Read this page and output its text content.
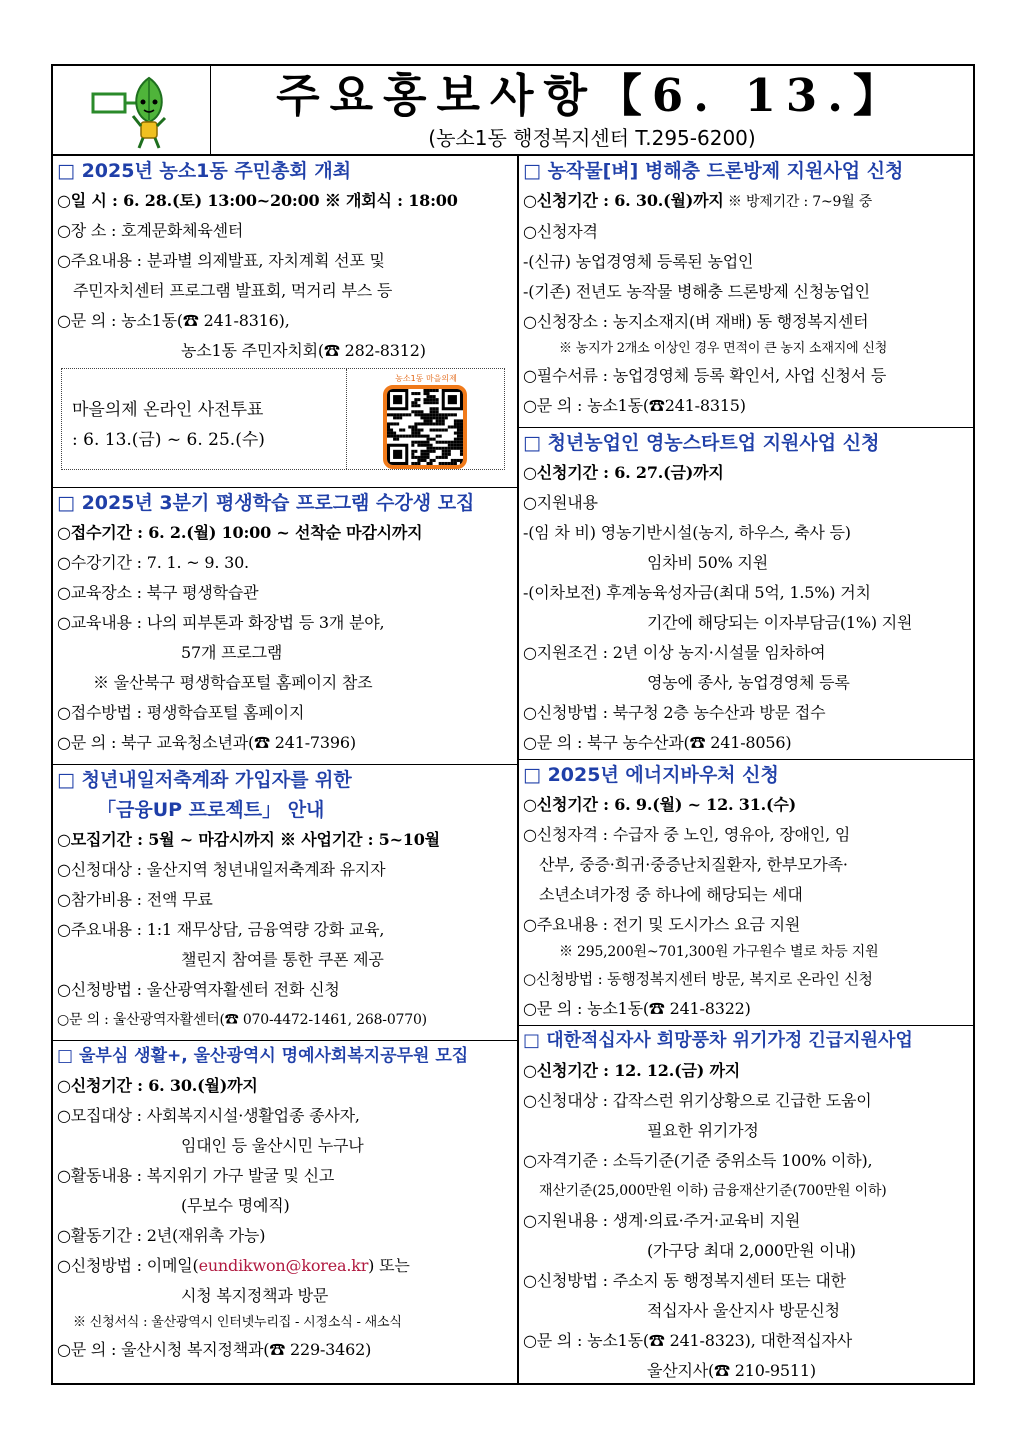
주요홍보사항【6. 13.】
(농소1동 행정복지센터 T.295-6200)
□ 2025년 농소1동 주민총회 개최
○일 시 : 6. 28.(토) 13:00~20:00 ※ 개회식 : 18:00
○장 소 : 호계문화체육센터
○주요내용 : 분과별 의제발표, 자치계획 선포 및
주민자치센터 프로그램 발표회, 먹거리 부스 등
○문 의 : 농소1동(☎ 241-8316),
농소1동 주민자치회(☎ 282-8312)
마을의제 온라인 사전투표
: 6. 13.(금) ~ 6. 25.(수)
농소1동 마을의제
□ 2025년 3분기 평생학습 프로그램 수강생 모집
○접수기간 : 6. 2.(월) 10:00 ~ 선착순 마감시까지
○수강기간 : 7. 1. ~ 9. 30.
○교육장소 : 북구 평생학습관
○교육내용 : 나의 피부톤과 화장법 등 3개 분야,
57개 프로그램
※ 울산북구 평생학습포털 홈페이지 참조
○접수방법 : 평생학습포털 홈페이지
○문 의 : 북구 교육청소년과(☎ 241-7396)
□ 청년내일저축계좌 가입자를 위한
「금융UP 프로젝트」 안내
○모집기간 : 5월 ~ 마감시까지 ※ 사업기간 : 5~10월
○신청대상 : 울산지역 청년내일저축계좌 유지자
○참가비용 : 전액 무료
○주요내용 : 1:1 재무상담, 금융역량 강화 교육,
챌린지 참여를 통한 쿠폰 제공
○신청방법 : 울산광역자활센터 전화 신청
○문 의 : 울산광역자활센터(☎ 070-4472-1461, 268-0770)
□ 울부심 생활+, 울산광역시 명예사회복지공무원 모집
○신청기간 : 6. 30.(월)까지
○모집대상 : 사회복지시설·생활업종 종사자,
임대인 등 울산시민 누구나
○활동내용 : 복지위기 가구 발굴 및 신고
(무보수 명예직)
○활동기간 : 2년(재위촉 가능)
○신청방법 : 이메일(eundikwon@korea.kr) 또는
시청 복지정책과 방문
※ 신청서식 : 울산광역시 인터넷누리집 - 시정소식 - 새소식
○문 의 : 울산시청 복지정책과(☎ 229-3462)
□ 농작물[벼] 병해충 드론방제 지원사업 신청
○신청기간 : 6. 30.(월)까지 ※ 방제기간 : 7~9월 중
○신청자격
-(신규) 농업경영체 등록된 농업인
-(기존) 전년도 농작물 병해충 드론방제 신청농업인
○신청장소 : 농지소재지(벼 재배) 동 행정복지센터
※ 농지가 2개소 이상인 경우 면적이 큰 농지 소재지에 신청
○필수서류 : 농업경영체 등록 확인서, 사업 신청서 등
○문 의 : 농소1동(☎241-8315)
□ 청년농업인 영농스타트업 지원사업 신청
○신청기간 : 6. 27.(금)까지
○지원내용
-(임 차 비) 영농기반시설(농지, 하우스, 축사 등)
임차비 50% 지원
-(이차보전) 후계농육성자금(최대 5억, 1.5%) 거치
기간에 해당되는 이자부담금(1%) 지원
○지원조건 : 2년 이상 농지·시설물 임차하여
영농에 종사, 농업경영체 등록
○신청방법 : 북구청 2층 농수산과 방문 접수
○문 의 : 북구 농수산과(☎ 241-8056)
□ 2025년 에너지바우처 신청
○신청기간 : 6. 9.(월) ~ 12. 31.(수)
○신청자격 : 수급자 중 노인, 영유아, 장애인, 임
산부, 중증·희귀·중증난치질환자, 한부모가족·
소년소녀가정 중 하나에 해당되는 세대
○주요내용 : 전기 및 도시가스 요금 지원
※ 295,200원~701,300원 가구원수 별로 차등 지원
○신청방법 : 동행정복지센터 방문, 복지로 온라인 신청
○문 의 : 농소1동(☎ 241-8322)
□ 대한적십자사 희망풍차 위기가정 긴급지원사업
○신청기간 : 12. 12.(금) 까지
○신청대상 : 갑작스런 위기상황으로 긴급한 도움이
필요한 위기가정
○자격기준 : 소득기준(기준 중위소득 100% 이하),
재산기준(25,000만원 이하) 금융재산기준(700만원 이하)
○지원내용 : 생계·의료·주거·교육비 지원
(가구당 최대 2,000만원 이내)
○신청방법 : 주소지 동 행정복지센터 또는 대한
적십자사 울산지사 방문신청
○문 의 : 농소1동(☎ 241-8323), 대한적십자사
울산지사(☎ 210-9511)
